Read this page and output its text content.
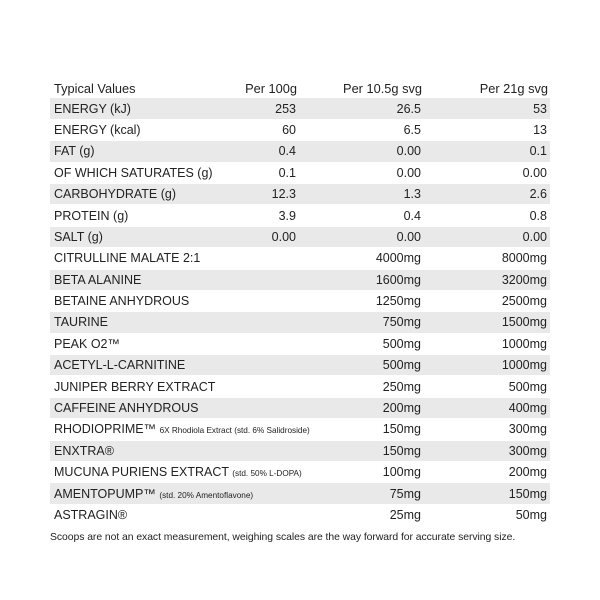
Typical Values	Per 100g	Per 10.5g svg	Per 21g svg
ENERGY (kJ)	253	26.5	53
ENERGY (kcal)	60	6.5	13
FAT (g)	0.4	0.00	0.1
OF WHICH SATURATES (g)	0.1	0.00	0.00
CARBOHYDRATE (g)	12.3	1.3	2.6
PROTEIN (g)	3.9	0.4	0.8
SALT (g)	0.00	0.00	0.00
CITRULLINE MALATE 2:1		4000mg	8000mg
BETA ALANINE		1600mg	3200mg
BETAINE ANHYDROUS		1250mg	2500mg
TAURINE		750mg	1500mg
PEAK O2™		500mg	1000mg
ACETYL-L-CARNITINE		500mg	1000mg
JUNIPER BERRY EXTRACT		250mg	500mg
CAFFEINE ANHYDROUS		200mg	400mg
RHODIOPRIME™ 6X Rhodiola Extract (std. 6% Salidroside)		150mg	300mg
ENXTRA®		150mg	300mg
MUCUNA PURIENS EXTRACT (std. 50% L-DOPA)		100mg	200mg
AMENTOPUMP™ (std. 20% Amentoflavone)		75mg	150mg
ASTRAGIN®		25mg	50mg
Scoops are not an exact measurement, weighing scales are the way forward for accurate serving size.
